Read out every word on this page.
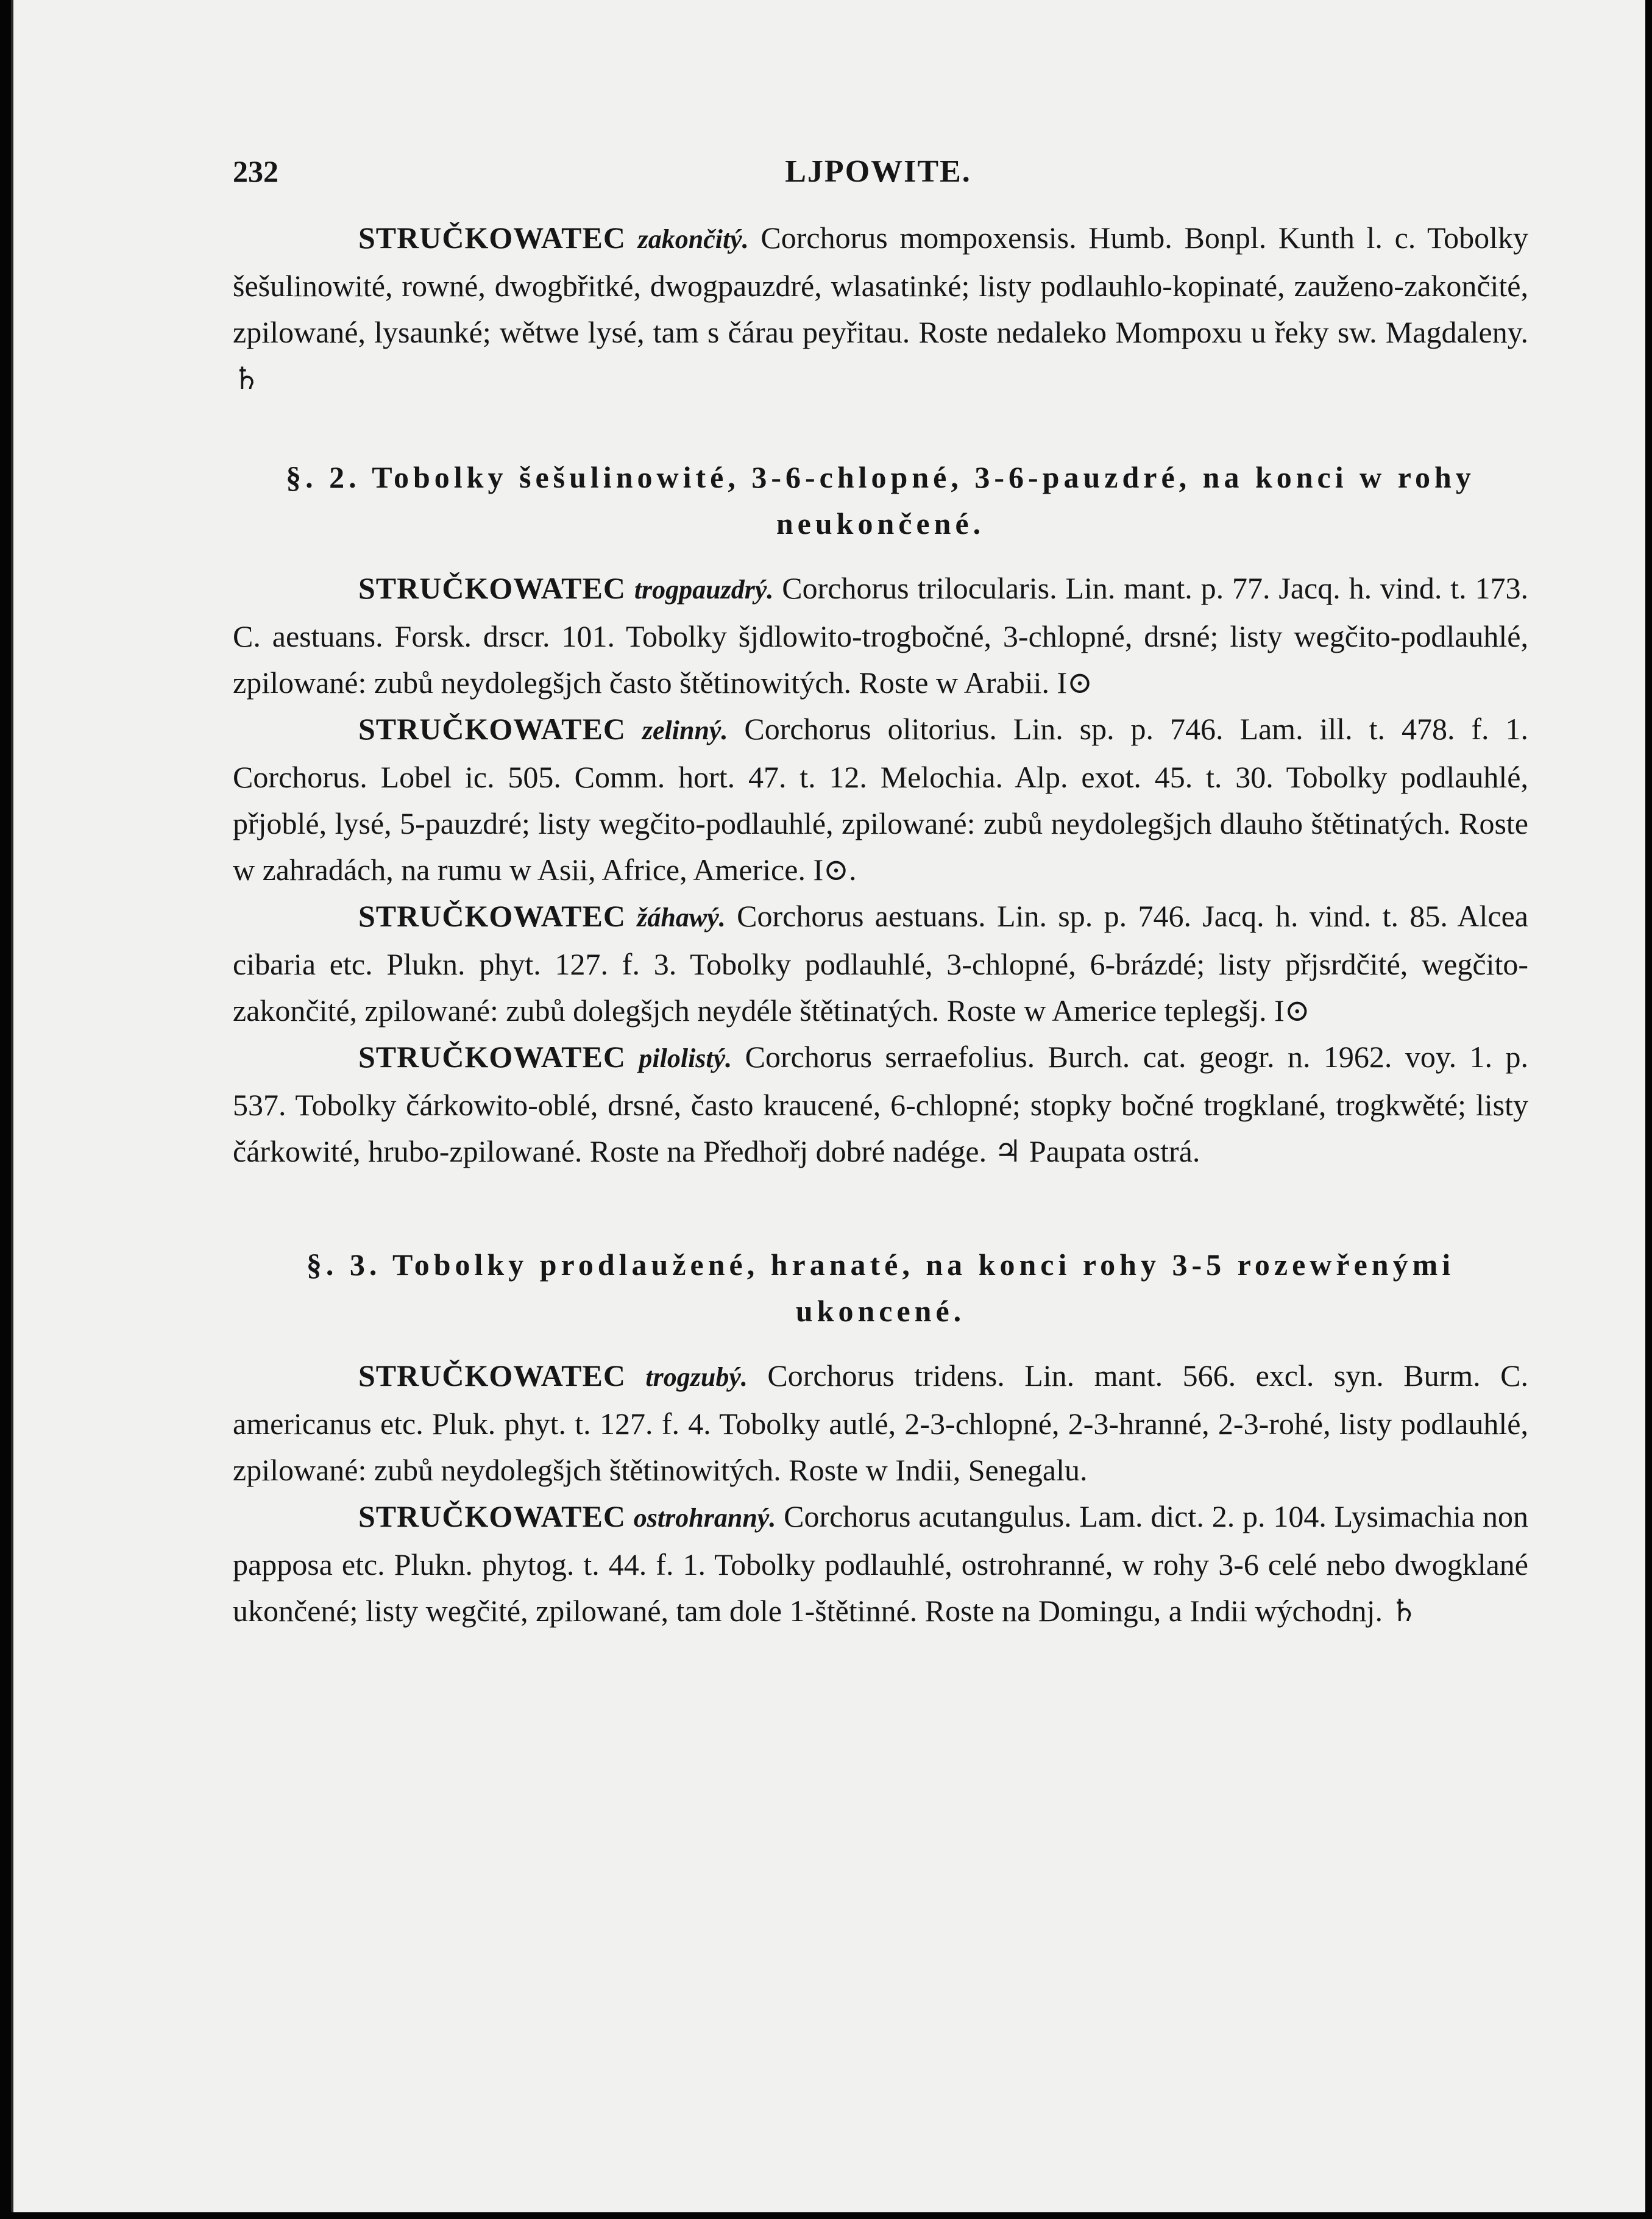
232	LJPOWITE.

STRUČKOWATEC zakončitý. Corchorus mompoxensis. Humb. Bonpl. Kunth l. c. Tobolky šešulinowité, rowné, dwogbřitké, dwogpauzdré, wlasatinké; listy podlauhlo-kopinaté, zauženo-zakončité, zpilowané, lysaunké; wětwe lysé, tam s čárau peyřitau. Roste nedaleko Mompoxu u řeky sw. Magdaleny. ♄

§. 2. Tobolky šešulinowité, 3-6-chlopné, 3-6-pauzdré, na konci w rohy neukončené.

STRUČKOWATEC trogpauzdrý. Corchorus trilocularis. Lin. mant. p. 77. Jacq. h. vind. t. 173. C. aestuans. Forsk. drscr. 101. Tobolky šjdlowito-trogbočné, 3-chlopné, drsné; listy wegčito-podlauhlé, zpilowané: zubů neydolegšjch často štětinowitých. Roste w Arabii. I⊙

STRUČKOWATEC zelinný. Corchorus olitorius. Lin. sp. p. 746. Lam. ill. t. 478. f. 1. Corchorus. Lobel ic. 505. Comm. hort. 47. t. 12. Melochia. Alp. exot. 45. t. 30. Tobolky podlauhlé, přjoblé, lysé, 5-pauzdré; listy wegčito-podlauhlé, zpilowané: zubů neydolegšjch dlauho štětinatých. Roste w zahradách, na rumu w Asii, Africe, Americe. I⊙.

STRUČKOWATEC žáhawý. Corchorus aestuans. Lin. sp. p. 746. Jacq. h. vind. t. 85. Alcea cibaria etc. Plukn. phyt. 127. f. 3. Tobolky podlauhlé, 3-chlopné, 6-brázdé; listy přjsrdčité, wegčito-zakončité, zpilowané: zubů dolegšjch neydéle štětinatých. Roste w Americe teplegšj. I⊙

STRUČKOWATEC pilolistý. Corchorus serraefolius. Burch. cat. geogr. n. 1962. voy. 1. p. 537. Tobolky čárkowito-oblé, drsné, často kraucené, 6-chlopné; stopky bočné trogklané, trogkwěté; listy čárkowité, hrubo-zpilowané. Roste na Předhořj dobré nadége. ♃ Paupata ostrá.

§. 3. Tobolky prodlaužené, hranaté, na konci rohy 3-5 rozewřenými ukoncené.

STRUČKOWATEC trogzubý. Corchorus tridens. Lin. mant. 566. excl. syn. Burm. C. americanus etc. Pluk. phyt. t. 127. f. 4. Tobolky autlé, 2-3-chlopné, 2-3-hranné, 2-3-rohé, listy podlauhlé, zpilowané: zubů neydolegšjch štětinowitých. Roste w Indii, Senegalu.

STRUČKOWATEC ostrohranný. Corchorus acutangulus. Lam. dict. 2. p. 104. Lysimachia non papposa etc. Plukn. phytog. t. 44. f. 1. Tobolky podlauhlé, ostrohranné, w rohy 3-6 celé nebo dwogklané ukončené; listy wegčité, zpilowané, tam dole 1-štětinné. Roste na Domingu, a Indii wýchodnj. ♄
